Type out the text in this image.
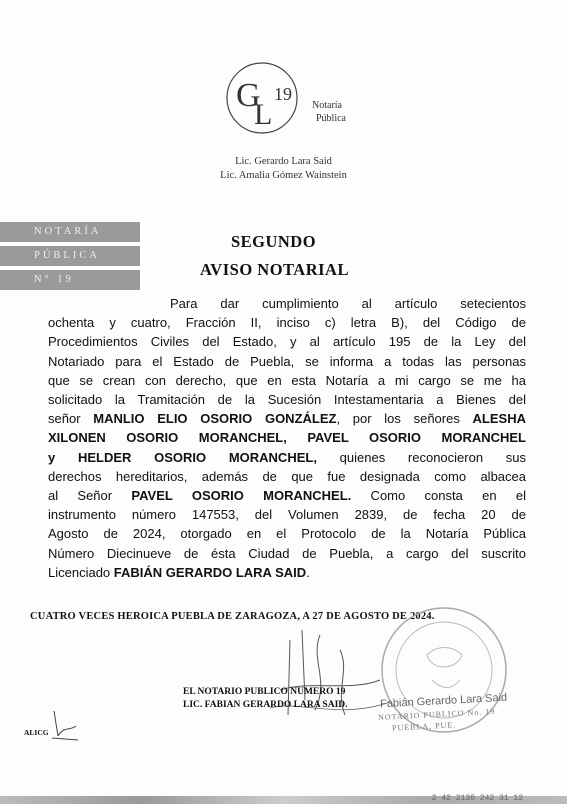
G
L
19
Notaría
Pública
Lic. Gerardo Lara Said
Lic. Amalia Gómez Wainstein
NOTARÍA
PÚBLICA
N° 19
SEGUNDO
AVISO NOTARIAL
Para dar cumplimiento al artículo setecientos
ochenta y cuatro, Fracción II, inciso c) letra B), del Código de
Procedimientos Civiles del Estado, y al artículo 195 de la Ley del
Notariado para el Estado de Puebla, se informa a todas las personas
que se crean con derecho, que en esta Notaría a mi cargo se me ha
solicitado la Tramitación de la Sucesión Intestamentaria a Bienes del
señor MANLIO ELIO OSORIO GONZÁLEZ, por los señores ALESHA
XILONEN OSORIO MORANCHEL, PAVEL OSORIO MORANCHEL
y HELDER OSORIO MORANCHEL, quienes reconocieron sus
derechos hereditarios, además de que fue designada como albacea
al Señor PAVEL OSORIO MORANCHEL. Como consta en el
instrumento número 147553, del Volumen 2839, de fecha 20 de
Agosto de 2024, otorgado en el Protocolo de la Notaría Pública
Número Diecinueve de ésta Ciudad de Puebla, a cargo del suscrito
Licenciado FABIÁN GERARDO LARA SAID.
CUATRO VECES HEROICA PUEBLA DE ZARAGOZA, A 27 DE AGOSTO DE 2024.
Fabián Gerardo Lara Said
NOTARIO PUBLICO No. 19
PUEBLA, PUE.
EL NOTARIO PUBLICO NUMERO 19
LIC. FABIAN GERARDO LARA SAID.
ALICG
2 42 2130 242 31 12
